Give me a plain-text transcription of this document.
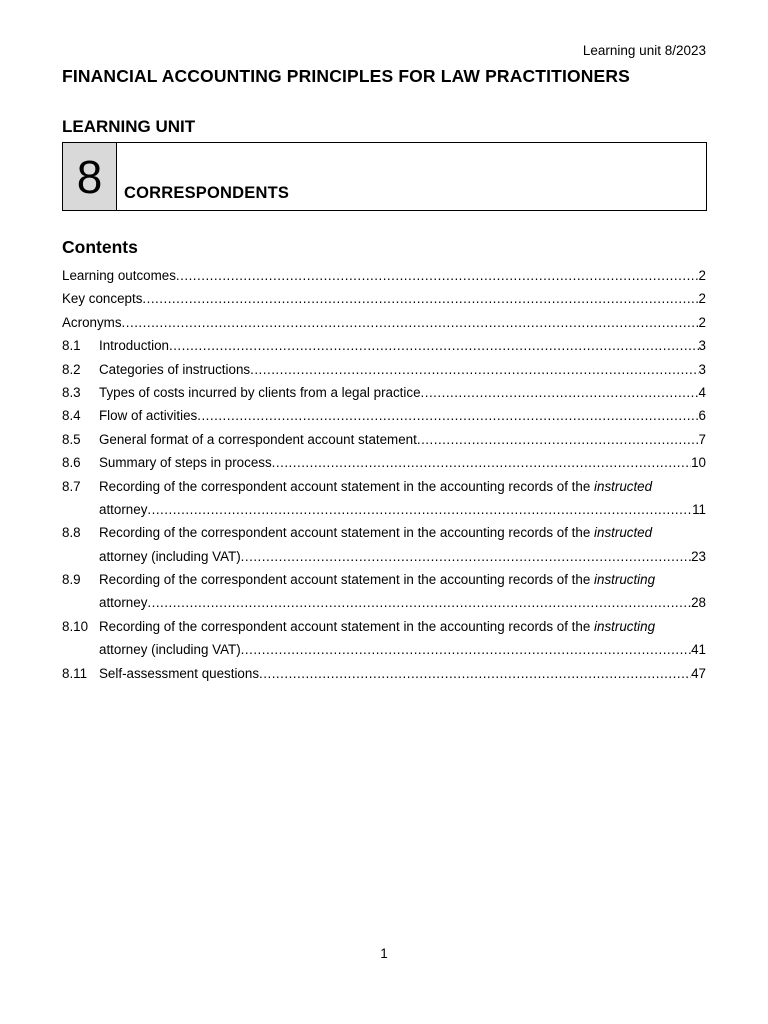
Learning unit 8/2023
FINANCIAL ACCOUNTING PRINCIPLES FOR LAW PRACTITIONERS
LEARNING UNIT
8	CORRESPONDENTS
Contents
Learning outcomes .....	2
Key concepts .....	2
Acronyms .....	2
8.1	Introduction .....	3
8.2	Categories of instructions .....	3
8.3	Types of costs incurred by clients from a legal practice .....	4
8.4	Flow of activities .....	6
8.5	General format of a correspondent account statement .....	7
8.6	Summary of steps in process .....	10
8.7	Recording of the correspondent account statement in the accounting records of the instructed
attorney .....	11
8.8	Recording of the correspondent account statement in the accounting records of the instructed
attorney (including VAT) .....	23
8.9	Recording of the correspondent account statement in the accounting records of the instructing
attorney .....	28
8.10 Recording of the correspondent account statement in the accounting records of the instructing
attorney (including VAT) .....	41
8.11 Self-assessment questions .....	47
1
